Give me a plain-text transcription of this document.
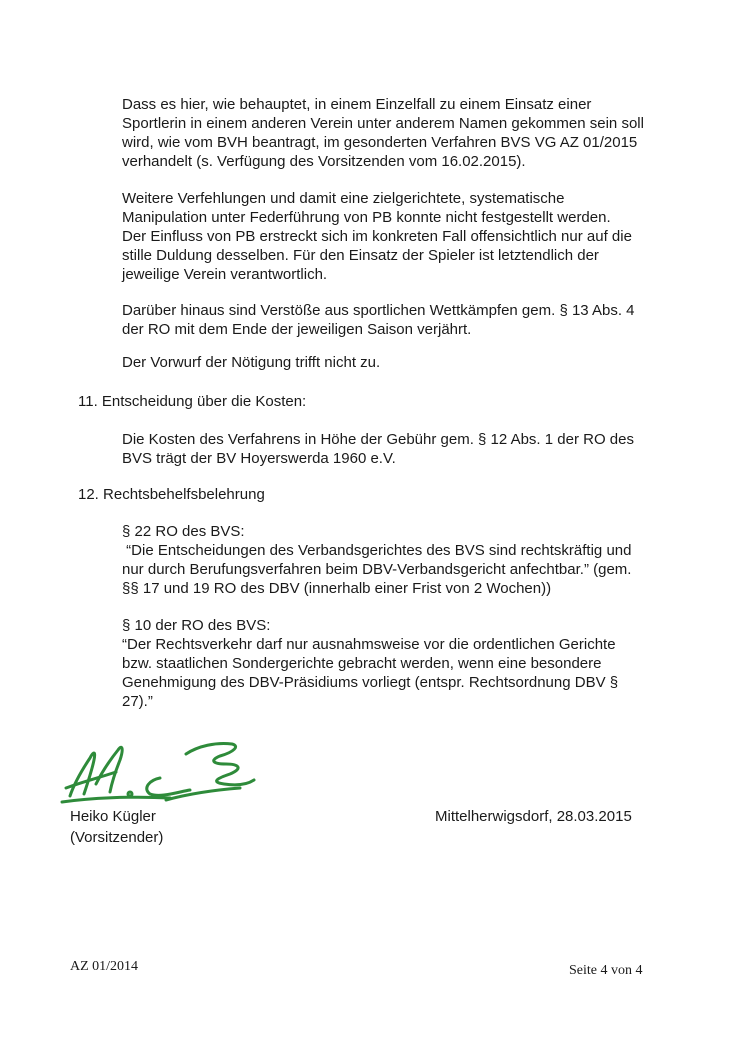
Dass es hier, wie behauptet, in einem Einzelfall zu einem Einsatz einer
Sportlerin in einem anderen Verein unter anderem Namen gekommen sein soll
wird, wie vom BVH beantragt, im gesonderten Verfahren BVS VG AZ 01/2015
verhandelt (s. Verfügung des Vorsitzenden vom 16.02.2015).

Weitere Verfehlungen und damit eine zielgerichtete, systematische
Manipulation unter Federführung von PB konnte nicht festgestellt werden.
Der Einfluss von PB erstreckt sich im konkreten Fall offensichtlich nur auf die
stille Duldung desselben. Für den Einsatz der Spieler ist letztendlich der
jeweilige Verein verantwortlich.

Darüber hinaus sind Verstöße aus sportlichen Wettkämpfen gem. § 13 Abs. 4
der RO mit dem Ende der jeweiligen Saison verjährt.

Der Vorwurf der Nötigung trifft nicht zu.

11. Entscheidung über die Kosten:

Die Kosten des Verfahrens in Höhe der Gebühr gem. § 12 Abs. 1 der RO des
BVS trägt der BV Hoyerswerda 1960 e.V.

12. Rechtsbehelfsbelehrung

§ 22 RO des BVS:
“Die Entscheidungen des Verbandsgerichtes des BVS sind rechtskräftig und
nur durch Berufungsverfahren beim DBV-Verbandsgericht anfechtbar.” (gem.
§§ 17 und 19 RO des DBV (innerhalb einer Frist von 2 Wochen))

§ 10 der RO des BVS:
“Der Rechtsverkehr darf nur ausnahmsweise vor die ordentlichen Gerichte
bzw. staatlichen Sondergerichte gebracht werden, wenn eine besondere
Genehmigung des DBV-Präsidiums vorliegt (entspr. Rechtsordnung DBV §
27).”

Heiko Kügler
(Vorsitzender)
Mittelherwigsdorf, 28.03.2015
AZ 01/2014	Seite 4 von 4
